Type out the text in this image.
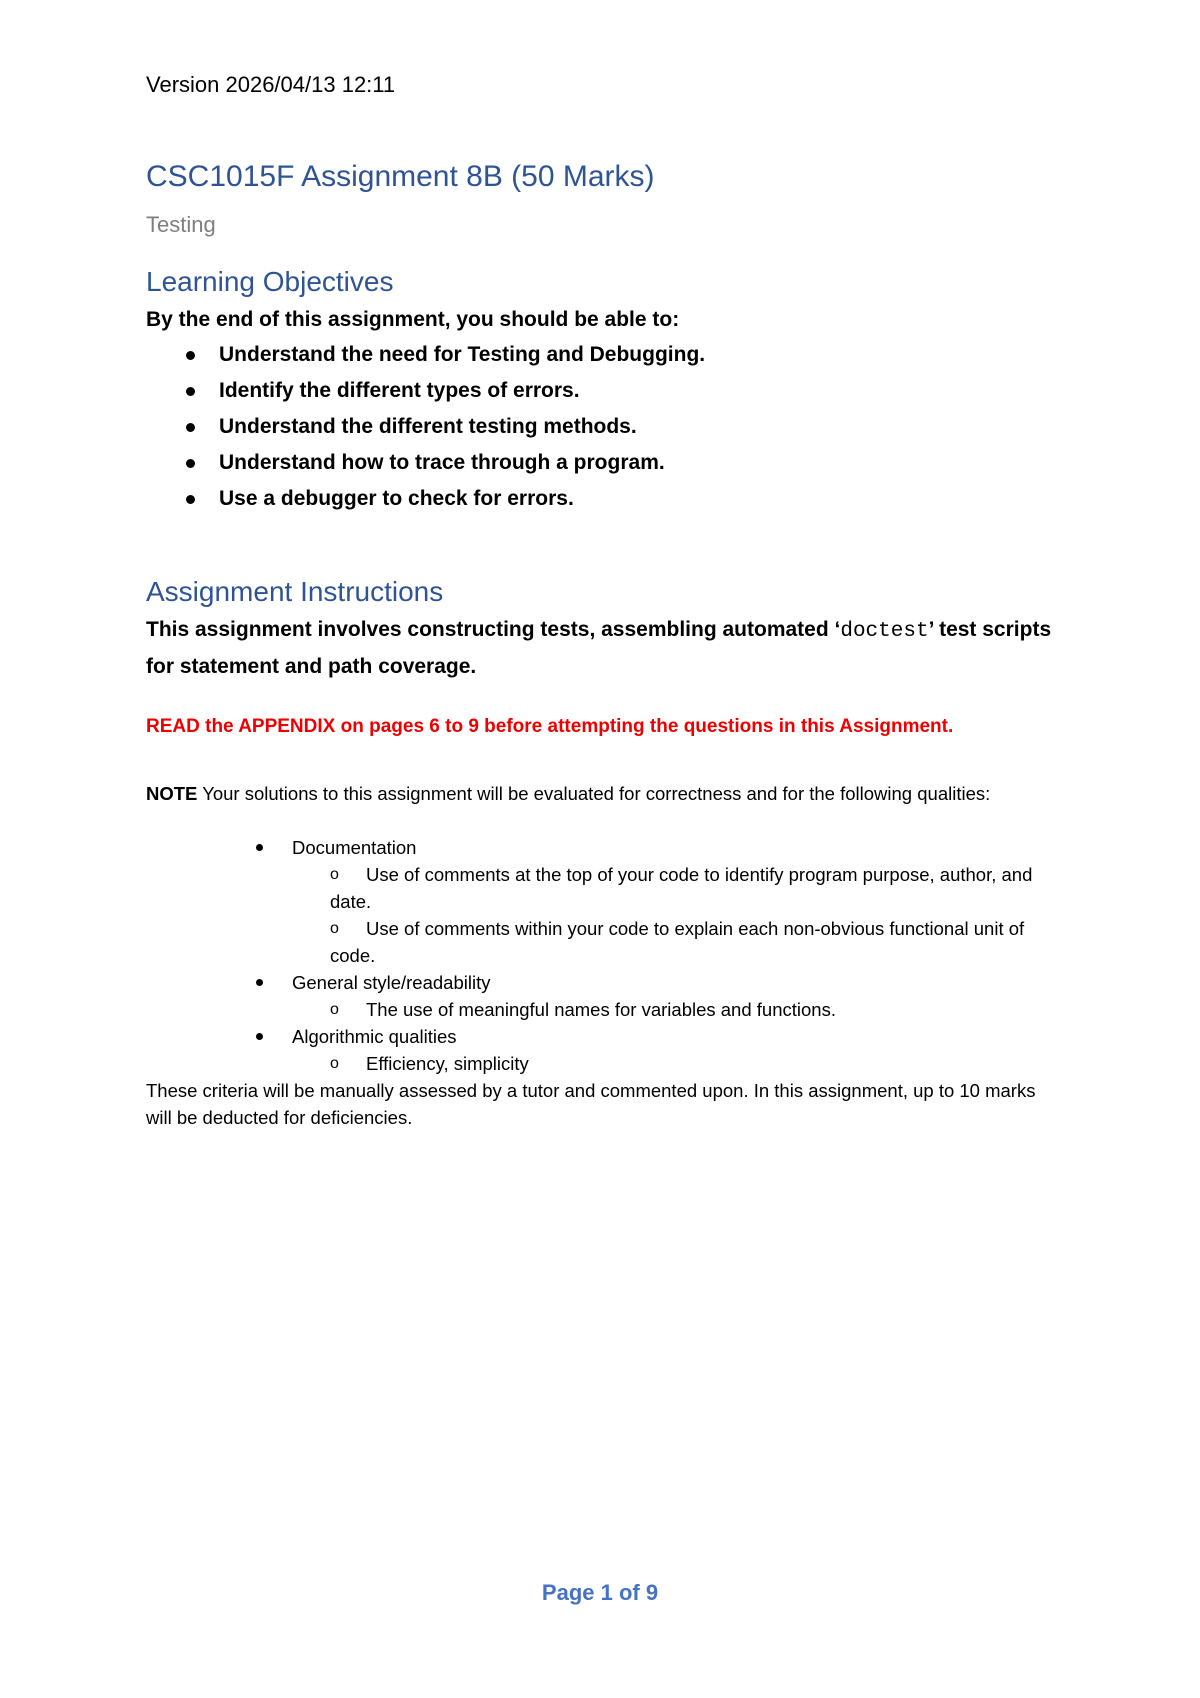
Version 2026/04/13 12:11
CSC1015F Assignment 8B (50 Marks)
Testing
Learning Objectives
By the end of this assignment, you should be able to:
Understand the need for Testing and Debugging.
Identify the different types of errors.
Understand the different testing methods.
Understand how to trace through a program.
Use a debugger to check for errors.
Assignment Instructions
This assignment involves constructing tests, assembling automated ‘doctest’ test scripts for statement and path coverage.
READ the APPENDIX on pages 6 to 9 before attempting the questions in this Assignment.
NOTE Your solutions to this assignment will be evaluated for correctness and for the following qualities:
Documentation
o Use of comments at the top of your code to identify program purpose, author, and date.
o Use of comments within your code to explain each non-obvious functional unit of code.
General style/readability
o The use of meaningful names for variables and functions.
Algorithmic qualities
o Efficiency, simplicity
These criteria will be manually assessed by a tutor and commented upon. In this assignment, up to 10 marks will be deducted for deficiencies.
Page 1 of 9
